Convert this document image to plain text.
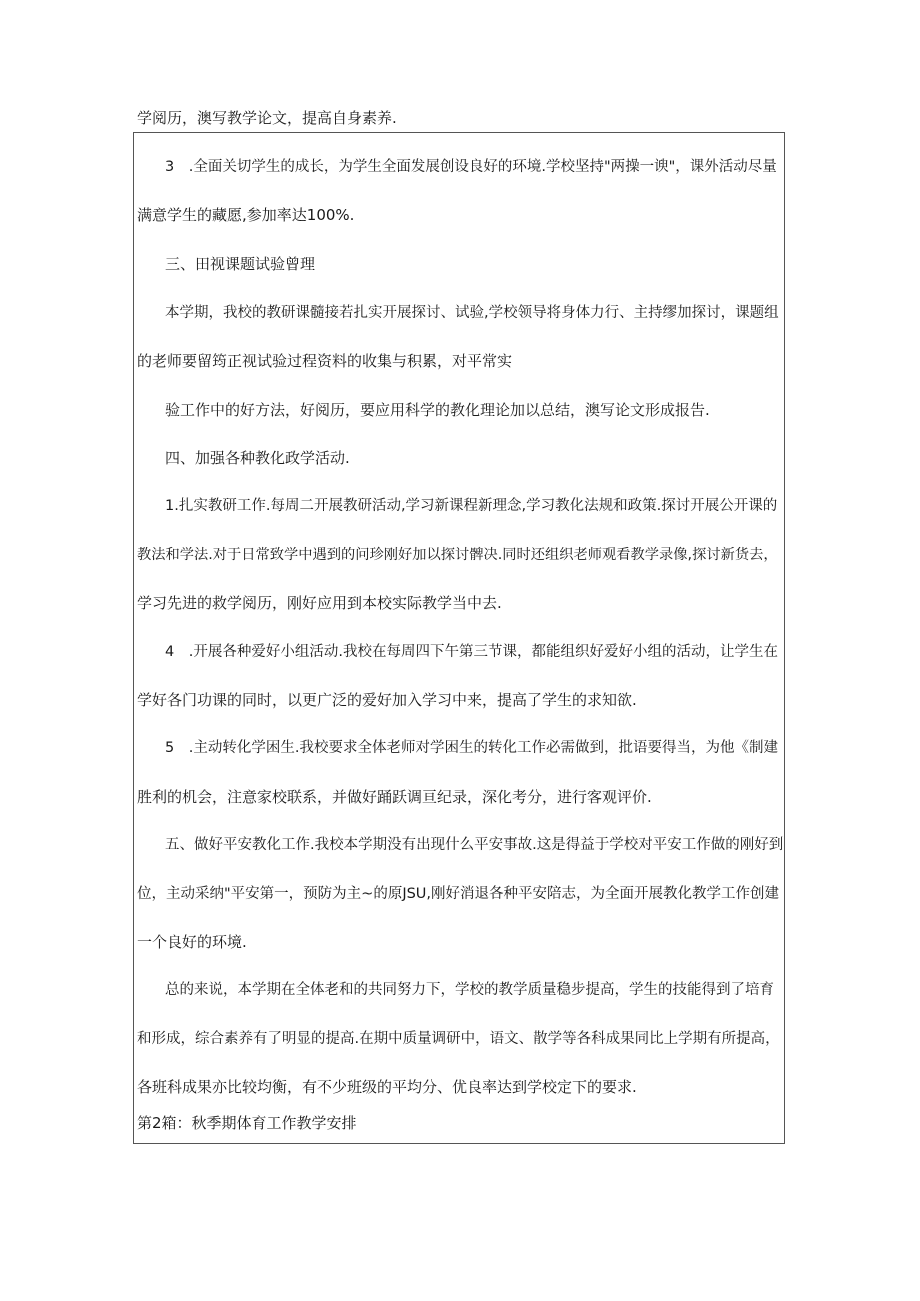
学阅历，澳写教学论文，提高自身素养.
3　.全面关切学生的成长，为学生全面发展创设良好的环境.学校坚持"两操一谀"，课外活动尽量
满意学生的藏愿,参加率达100%.
三、田视课题试验曾理
本学期，我校的教研课髓接若扎实开展探讨、试验,学校领导将身体力行、主持缪加探讨，课题组
的老师要留筠正视试验过程资料的收集与积累，对平常实
验工作中的好方法，好阅历，要应用科学的教化理论加以总结，澳写论文形成报告.
四、加强各种教化政学活动.
1.扎实教研工作.每周二开展教研活动,学习新课程新理念,学习教化法规和政策.探讨开展公开课的
教法和学法.对于日常致学中遇到的问珍刚好加以探讨髀决.同时还组织老师观看教学录像,探讨新货去，
学习先进的救学阅历，刚好应用到本校实际教学当中去.
4　.开展各种爱好小组活动.我校在每周四下午第三节课，都能组织好爱好小组的活动，让学生在
学好各门功课的同时，以更广泛的爱好加入学习中来，提高了学生的求知欲.
5　.主动转化学困生.我校要求全体老师对学困生的转化工作必需做到，批语要得当，为他《制建
胜利的机会，注意家校联系，并做好踊跃调亘纪录，深化考分，进行客观评价.
五、做好平安教化工作.我校本学期没有出现什么平安事故.这是得益于学校对平安工作做的刚好到
位，主动采纳"平安第一，预防为主~的原JSU,刚好消退各种平安陪志，为全面开展教化教学工作创建
一个良好的环境.
总的来说，本学期在全体老和的共同努力下，学校的教学质量稳步提高，学生的技能得到了培育
和形成，综合素养有了明显的提高.在期中质量调研中，语文、散学等各科成果同比上学期有所提高，
各班科成果亦比较均衡，有不少班级的平均分、优良率达到学校定下的要求.
第2箱：秋季期体育工作教学安排
